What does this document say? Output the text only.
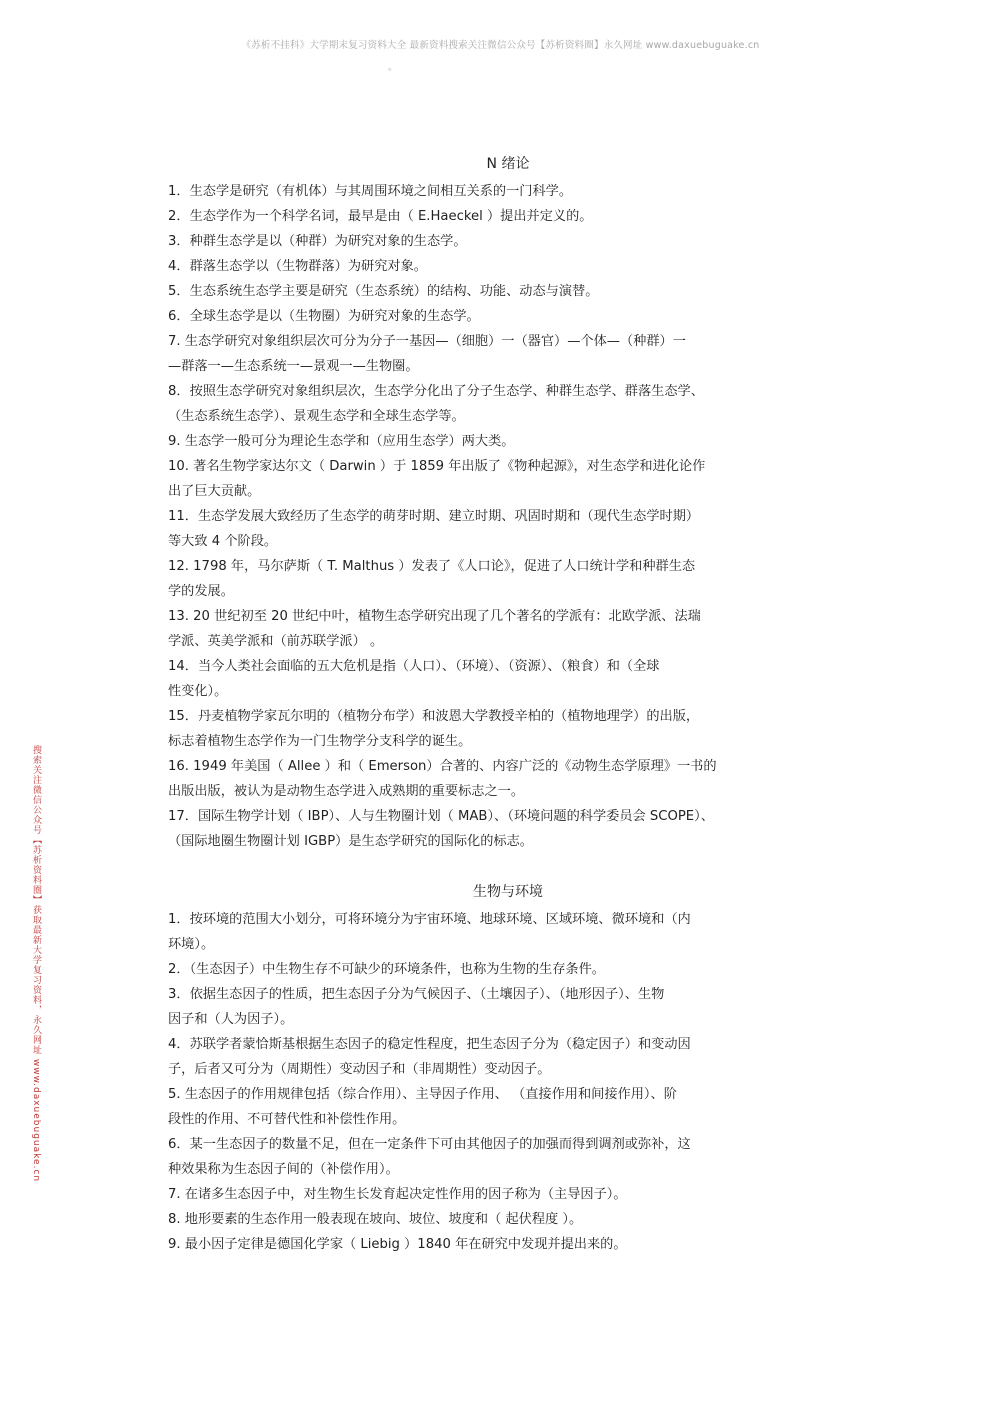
《苏析不挂科》大学期末复习资料大全 最新资料搜索关注微信公众号【苏析资料圈】永久网址 www.daxuebuguake.cn
。
搜索关注微信公众号【苏析资料圈】获取最新大学复习资料，永久网址 www.daxuebuguake.cn
N 绪论
1．生态学是研究（有机体）与其周围环境之间相互关系的一门科学。
2．生态学作为一个科学名词，最早是由（ E.Haeckel ）提出并定义的。
3．种群生态学是以（种群）为研究对象的生态学。
4．群落生态学以（生物群落）为研究对象。
5．生态系统生态学主要是研究（生态系统）的结构、功能、动态与演替。
6．全球生态学是以（生物圈）为研究对象的生态学。
7. 生态学研究对象组织层次可分为分子一基因—（细胞）一（器官）—个体—（种群）一
—群落一—生态系统一—景观一—生物圈。
8．按照生态学研究对象组织层次，生态学分化出了分子生态学、种群生态学、群落生态学、
（生态系统生态学）、景观生态学和全球生态学等。
9. 生态学一般可分为理论生态学和（应用生态学）两大类。
10. 著名生物学家达尔文（ Darwin ）于 1859 年出版了《物种起源》，对生态学和进化论作
出了巨大贡献。
11．生态学发展大致经历了生态学的萌芽时期、建立时期、巩固时期和（现代生态学时期）
等大致 4 个阶段。
12. 1798 年，马尔萨斯（ T. Malthus ）发表了《人口论》，促进了人口统计学和种群生态
学的发展。
13. 20 世纪初至 20 世纪中叶，植物生态学研究出现了几个著名的学派有：北欧学派、法瑞
学派、英美学派和（前苏联学派） 。
14．当今人类社会面临的五大危机是指（人口）、（环境）、（资源）、（粮食）和（全球
性变化）。
15．丹麦植物学家瓦尔明的（植物分布学）和波恩大学教授辛柏的（植物地理学）的出版，
标志着植物生态学作为一门生物学分支科学的诞生。
16. 1949 年美国（ Allee ）和（ Emerson）合著的、内容广泛的《动物生态学原理》一书的
出版出版，被认为是动物生态学进入成熟期的重要标志之一。
17．国际生物学计划（ IBP）、人与生物圈计划（ MAB）、（环境问题的科学委员会 SCOPE）、
（国际地圈生物圈计划 IGBP）是生态学研究的国际化的标志。
生物与环境
1．按环境的范围大小划分，可将环境分为宇宙环境、地球环境、区域环境、微环境和（内
环境）。
2．（生态因子）中生物生存不可缺少的环境条件，也称为生物的生存条件。
3．依据生态因子的性质，把生态因子分为气候因子、（土壤因子）、（地形因子）、生物
因子和（人为因子）。
4．苏联学者蒙恰斯基根据生态因子的稳定性程度，把生态因子分为（稳定因子）和变动因
子，后者又可分为（周期性）变动因子和（非周期性）变动因子。
5. 生态因子的作用规律包括（综合作用）、主导因子作用、 （直接作用和间接作用）、阶
段性的作用、不可替代性和补偿性作用。
6．某一生态因子的数量不足，但在一定条件下可由其他因子的加强而得到调剂或弥补，这
种效果称为生态因子间的（补偿作用）。
7. 在诸多生态因子中，对生物生长发育起决定性作用的因子称为（主导因子）。
8. 地形要素的生态作用一般表现在坡向、坡位、坡度和（ 起伏程度 ）。
9. 最小因子定律是德国化学家（ Liebig ）1840 年在研究中发现并提出来的。
